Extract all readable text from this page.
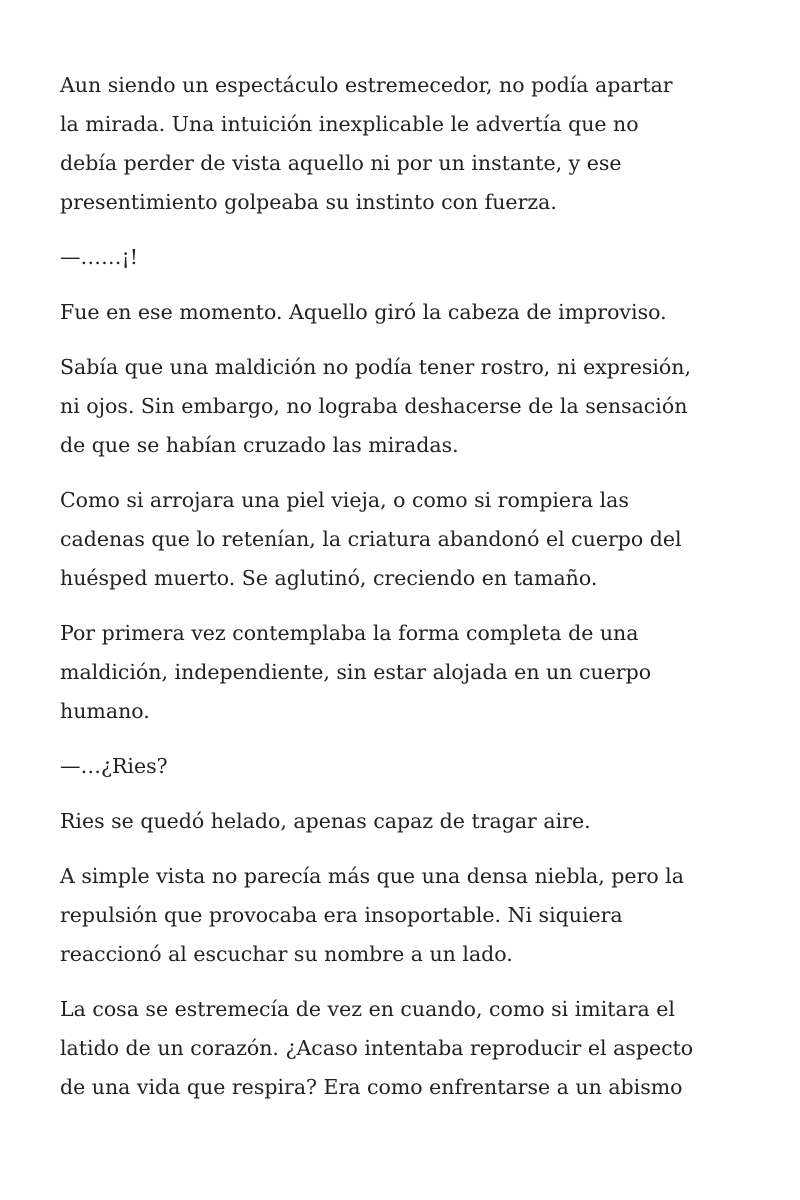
Aun siendo un espectáculo estremecedor, no podía apartar
la mirada. Una intuición inexplicable le advertía que no
debía perder de vista aquello ni por un instante, y ese
presentimiento golpeaba su instinto con fuerza.

—……¡!

Fue en ese momento. Aquello giró la cabeza de improviso.

Sabía que una maldición no podía tener rostro, ni expresión,
ni ojos. Sin embargo, no lograba deshacerse de la sensación
de que se habían cruzado las miradas.

Como si arrojara una piel vieja, o como si rompiera las
cadenas que lo retenían, la criatura abandonó el cuerpo del
huésped muerto. Se aglutinó, creciendo en tamaño.

Por primera vez contemplaba la forma completa de una
maldición, independiente, sin estar alojada en un cuerpo
humano.

—…¿Ries?

Ries se quedó helado, apenas capaz de tragar aire.

A simple vista no parecía más que una densa niebla, pero la
repulsión que provocaba era insoportable. Ni siquiera
reaccionó al escuchar su nombre a un lado.

La cosa se estremecía de vez en cuando, como si imitara el
latido de un corazón. ¿Acaso intentaba reproducir el aspecto
de una vida que respira? Era como enfrentarse a un abismo
